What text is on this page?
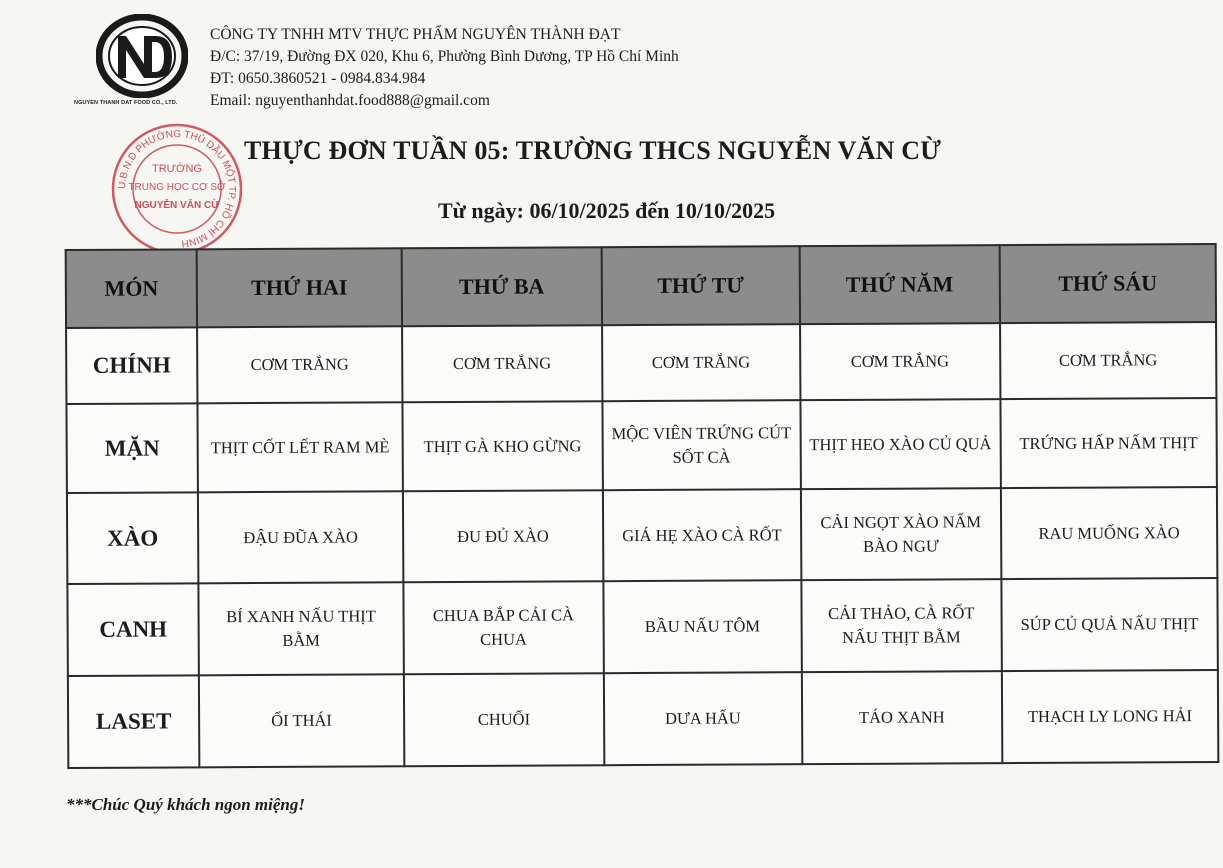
NGUYEN THANH DAT FOOD CO., LTD.
CÔNG TY TNHH MTV THỰC PHẨM NGUYÊN THÀNH ĐẠT
Đ/C: 37/19, Đường ĐX 020, Khu 6, Phường Bình Dương, TP Hồ Chí Minh
ĐT: 0650.3860521 - 0984.834.984
Email: nguyenthanhdat.food888@gmail.com
U.B.N.D PHƯỜNG THỦ DẦU MỘT TP. HỒ CHÍ MINH
TRƯỜNG
TRUNG HỌC CƠ SỞ
NGUYỄN VĂN CỪ
THỰC ĐƠN TUẦN 05: TRƯỜNG THCS NGUYỄN VĂN CỪ
Từ ngày: 06/10/2025 đến 10/10/2025
MÓN	THỨ HAI	THỨ BA	THỨ TƯ	THỨ NĂM	THỨ SÁU
CHÍNH	CƠM TRẮNG	CƠM TRẮNG	CƠM TRẮNG	CƠM TRẮNG	CƠM TRẮNG
MẶN	THỊT CỐT LẾT RAM MÈ	THỊT GÀ KHO GỪNG	MỘC VIÊN TRỨNG CÚT SỐT CÀ	THỊT HEO XÀO CỦ QUẢ	TRỨNG HẤP NẤM THỊT
XÀO	ĐẬU ĐŨA XÀO	ĐU ĐỦ XÀO	GIÁ HẸ XÀO CÀ RỐT	CẢI NGỌT XÀO NẤM BÀO NGƯ	RAU MUỐNG XÀO
CANH	BÍ XANH NẤU THỊT BẰM	CHUA BẮP CẢI CÀ CHUA	BẦU NẤU TÔM	CẢI THẢO, CÀ RỐT NẤU THỊT BẰM	SÚP CỦ QUẢ NẤU THỊT
LASET	ỔI THÁI	CHUỐI	DƯA HẤU	TÁO XANH	THẠCH LY LONG HẢI
***Chúc Quý khách ngon miệng!
